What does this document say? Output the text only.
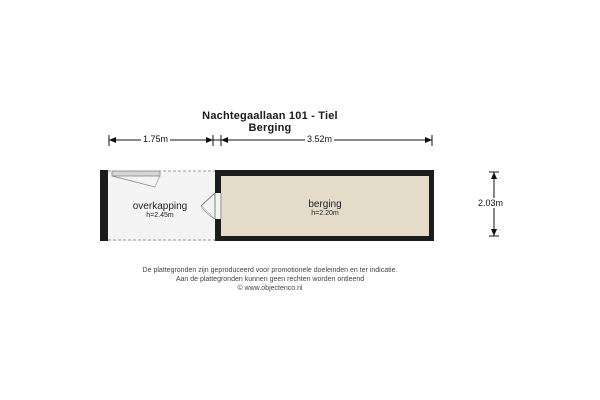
Nachtegaallaan 101 - Tiel
Berging
1.75m	3.52m
2.03m
overkapping
h=2.45m
berging
h=2.20m
De plattegronden zijn geproduceerd voor promotionele doeleinden en ter indicatie.
Aan de plattegronden kunnen geen rechten worden ontleend
© www.objectenco.nl
